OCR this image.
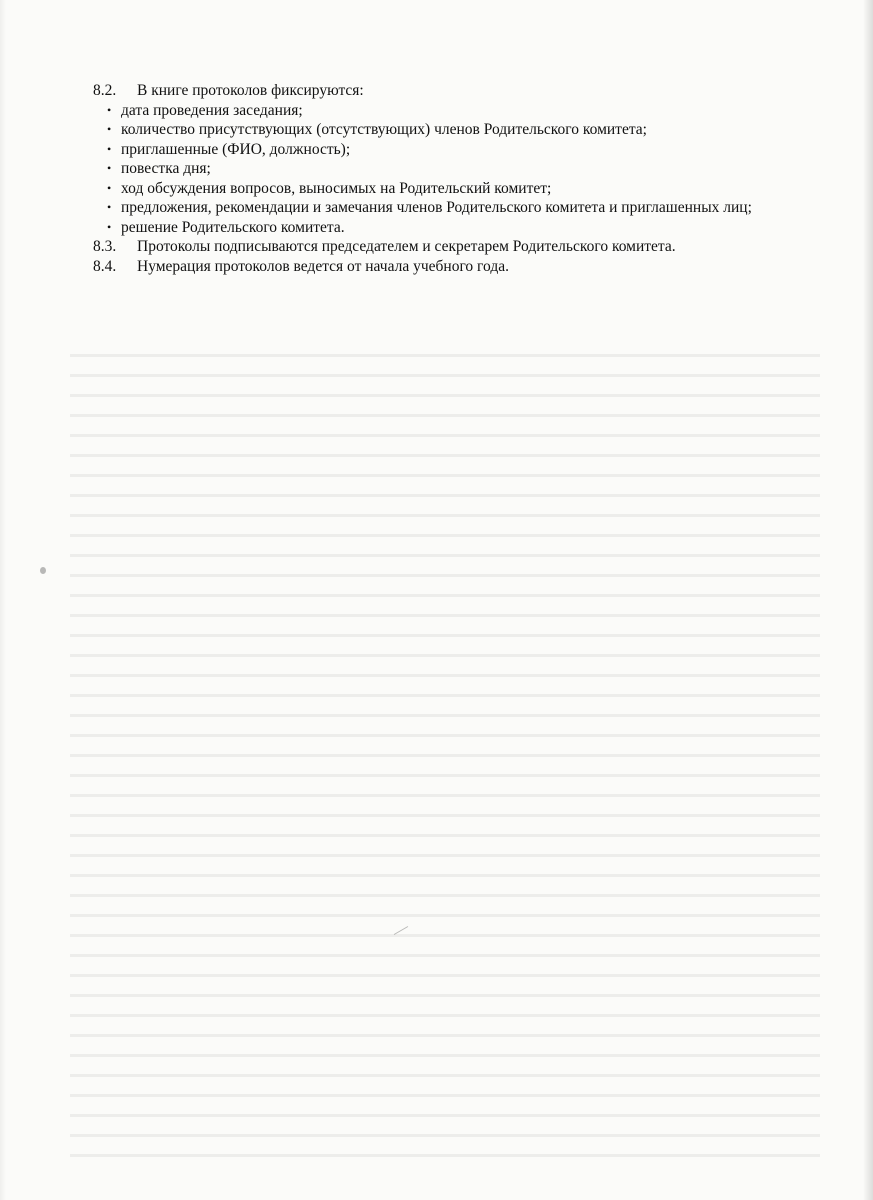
8.2.	В книге протоколов фиксируются:
• дата проведения заседания;
• количество присутствующих (отсутствующих) членов Родительского комитета;
• приглашенные (ФИО, должность);
• повестка дня;
• ход обсуждения вопросов, выносимых на Родительский комитет;
• предложения, рекомендации и замечания членов Родительского комитета и приглашенных лиц;
• решение Родительского комитета.
8.3.	Протоколы подписываются председателем и секретарем Родительского комитета.
8.4.	Нумерация протоколов ведется от начала учебного года.
